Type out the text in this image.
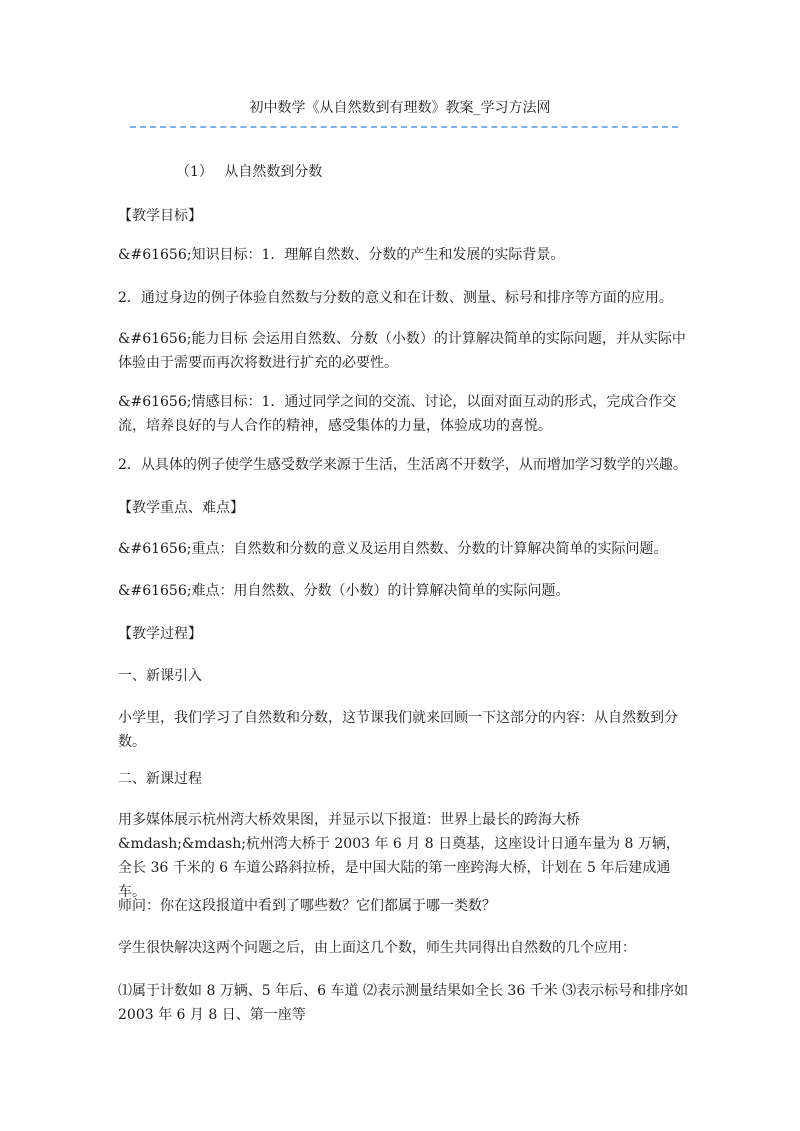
初中数学《从自然数到有理数》教案_学习方法网

（1）　 从自然数到分数

【教学目标】

&#61656;知识目标：1．理解自然数、分数的产生和发展的实际背景。

2．通过身边的例子体验自然数与分数的意义和在计数、测量、标号和排序等方面的应用。

&#61656;能力目标 会运用自然数、分数（小数）的计算解决简单的实际问题，并从实际中体验由于需要而再次将数进行扩充的必要性。

&#61656;情感目标：1．通过同学之间的交流、讨论，以面对面互动的形式，完成合作交流，培养良好的与人合作的精神，感受集体的力量，体验成功的喜悦。

2．从具体的例子使学生感受数学来源于生活，生活离不开数学，从而增加学习数学的兴趣。

【教学重点、难点】

&#61656;重点：自然数和分数的意义及运用自然数、分数的计算解决简单的实际问题。

&#61656;难点：用自然数、分数（小数）的计算解决简单的实际问题。

【教学过程】

一、新课引入

小学里，我们学习了自然数和分数，这节课我们就来回顾一下这部分的内容：从自然数到分数。

二、新课过程

用多媒体展示杭州湾大桥效果图，并显示以下报道：世界上最长的跨海大桥&mdash;&mdash;杭州湾大桥于 2003 年 6 月 8 日奠基，这座设计日通车量为 8 万辆，全长 36 千米的 6 车道公路斜拉桥，是中国大陆的第一座跨海大桥，计划在 5 年后建成通车。

师问：你在这段报道中看到了哪些数？它们都属于哪一类数？

学生很快解决这两个问题之后，由上面这几个数，师生共同得出自然数的几个应用：

⑴属于计数如 8 万辆、5 年后、6 车道 ⑵表示测量结果如全长 36 千米 ⑶表示标号和排序如 2003 年 6 月 8 日、第一座等
